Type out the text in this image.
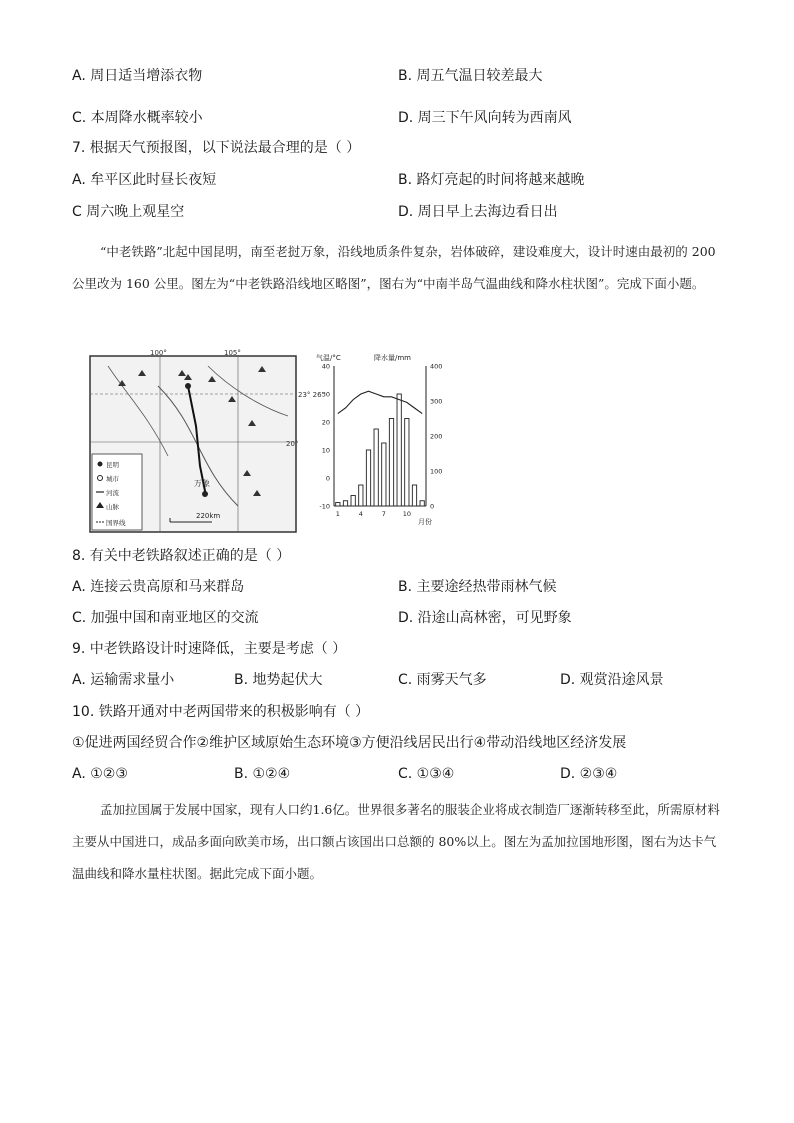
A. 周日适当增添衣物	B. 周五气温日较差最大
C. 本周降水概率较小	D. 周三下午风向转为西南风
7. 根据天气预报图，以下说法最合理的是（ ）
A. 牟平区此时昼长夜短	B. 路灯亮起的时间将越来越晚
C 周六晚上观星空	D. 周日早上去海边看日出
“中老铁路”北起中国昆明，南至老挝万象，沿线地质条件复杂，岩体破碎，建设难度大，设计时速由最初的 200 公里改为 160 公里。图左为“中老铁路沿线地区略图”，图右为“中南半岛气温曲线和降水柱状图”。完成下面小题。
100°	105°
23° 26'
20°
万象
昆明
城市
河流
山脉
国界线
220km
气温/°C	降水量/mm
月份
-10
0
10
20
30
40
0
100
200
300
400
1	4	7	10
8. 有关中老铁路叙述正确的是（ ）
A. 连接云贵高原和马来群岛	B. 主要途经热带雨林气候
C. 加强中国和南亚地区的交流	D. 沿途山高林密，可见野象
9. 中老铁路设计时速降低，主要是考虑（ ）
A. 运输需求量小	B. 地势起伏大	C. 雨雾天气多	D. 观赏沿途风景
10. 铁路开通对中老两国带来的积极影响有（ ）
①促进两国经贸合作②维护区域原始生态环境③方便沿线居民出行④带动沿线地区经济发展
A. ①②③	B. ①②④	C. ①③④	D. ②③④
孟加拉国属于发展中国家，现有人口约1.6亿。世界很多著名的服装企业将成衣制造厂逐渐转移至此，所需原材料主要从中国进口，成品多面向欧美市场，出口额占该国出口总额的 80%以上。图左为孟加拉国地形图，图右为达卡气温曲线和降水量柱状图。据此完成下面小题。
